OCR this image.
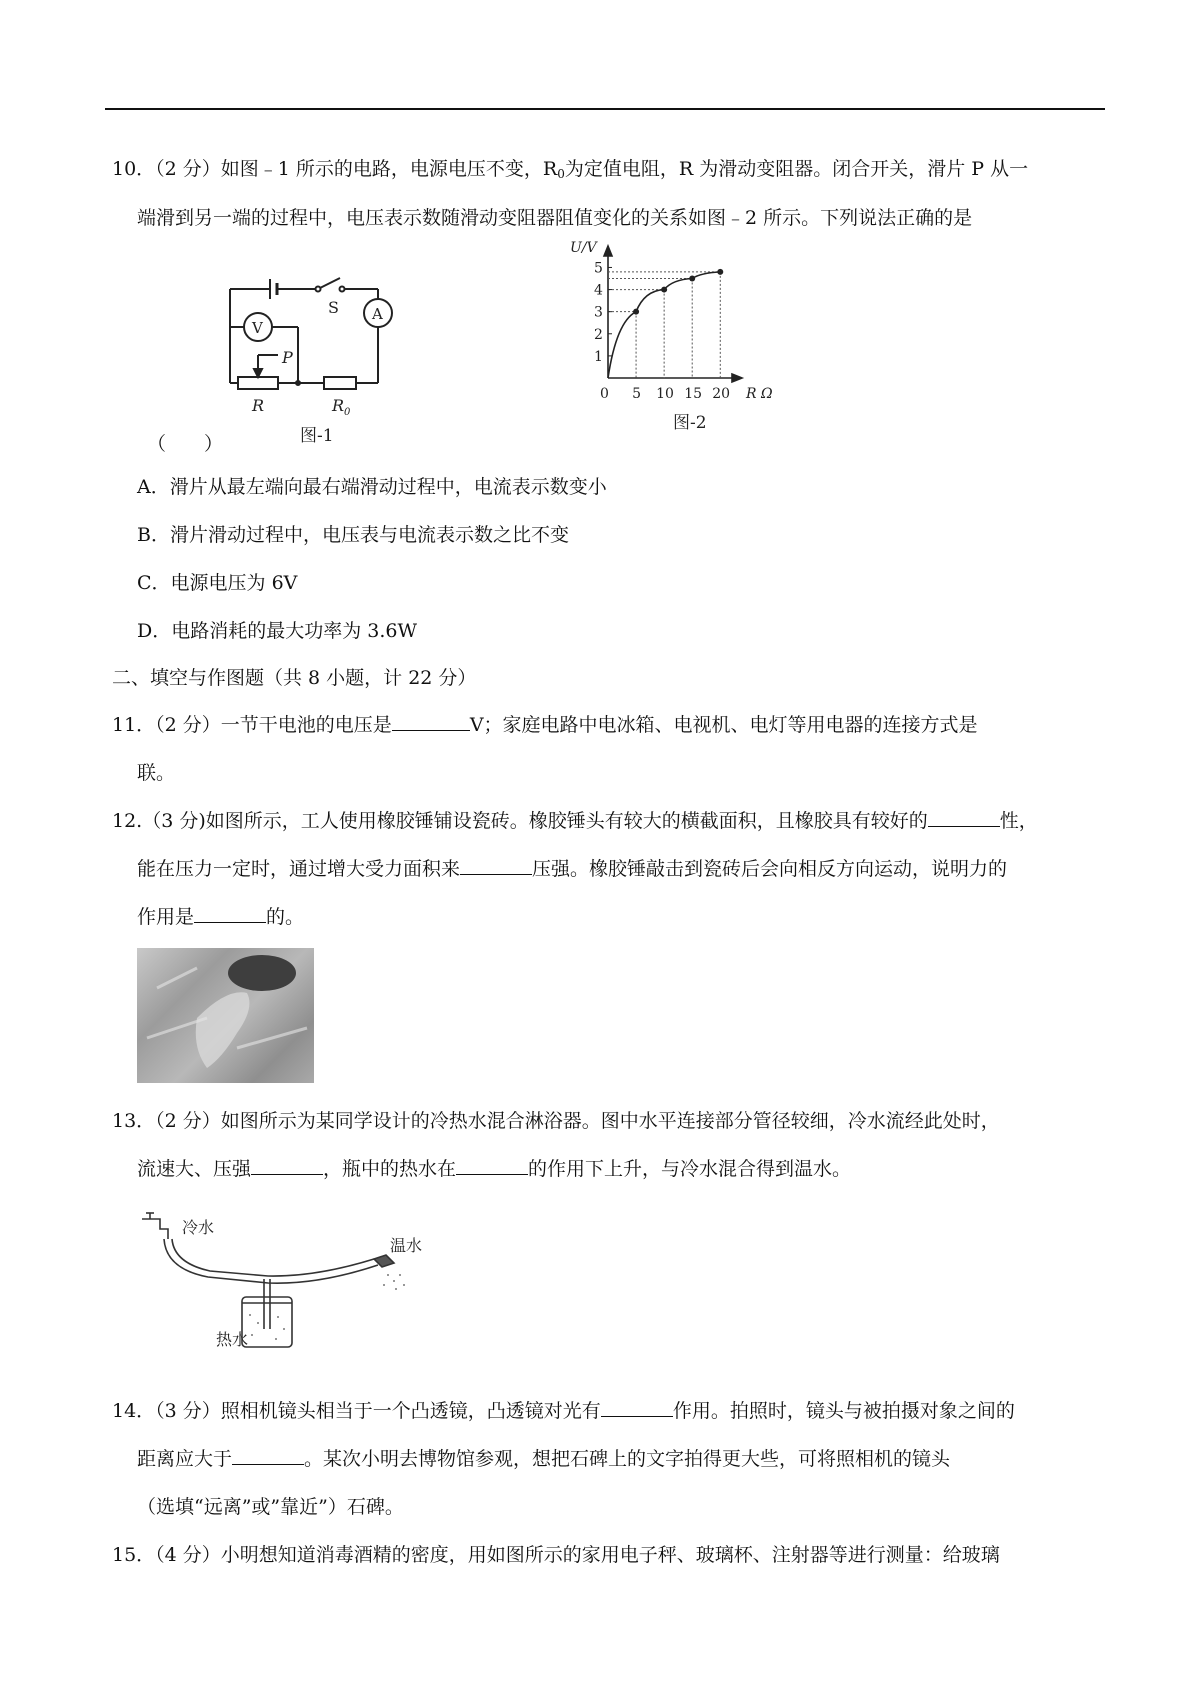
10．（2 分）如图﹣1 所示的电路，电源电压不变，$R_0$为定值电阻，R 为滑动变阻器。闭合开关，滑片 P 从一
端滑到另一端的过程中，电压表示数随滑动变阻器阻值变化的关系如图﹣2 所示。下列说法正确的是
S
V
A
P
R	$R_0$
图-1
（　　）
U/V
R Ω
0
1
2
3
4
5
5 10 15 20
图-2
A．滑片从最左端向最右端滑动过程中，电流表示数变小
B．滑片滑动过程中，电压表与电流表示数之比不变
C．电源电压为 6V
D．电路消耗的最大功率为 3.6W
二、填空与作图题（共 8 小题，计 22 分）
11．（2 分）一节干电池的电压是	V；家庭电路中电冰箱、电视机、电灯等用电器的连接方式是
联。
12.（3 分)如图所示，工人使用橡胶锤铺设瓷砖。橡胶锤头有较大的横截面积，且橡胶具有较好的	性，
能在压力一定时，通过增大受力面积来	压强。橡胶锤敲击到瓷砖后会向相反方向运动，说明力的
作用是	的。
13．（2 分）如图所示为某同学设计的冷热水混合淋浴器。图中水平连接部分管径较细，冷水流经此处时，
流速大、压强	，瓶中的热水在	的作用下上升，与冷水混合得到温水。
冷水
温水
热水
14．（3 分）照相机镜头相当于一个凸透镜，凸透镜对光有	作用。拍照时，镜头与被拍摄对象之间的
距离应大于	。某次小明去博物馆参观，想把石碑上的文字拍得更大些，可将照相机的镜头
（选填“远离”或”靠近”）石碑。
15．（4 分）小明想知道消毒酒精的密度，用如图所示的家用电子秤、玻璃杯、注射器等进行测量：给玻璃
